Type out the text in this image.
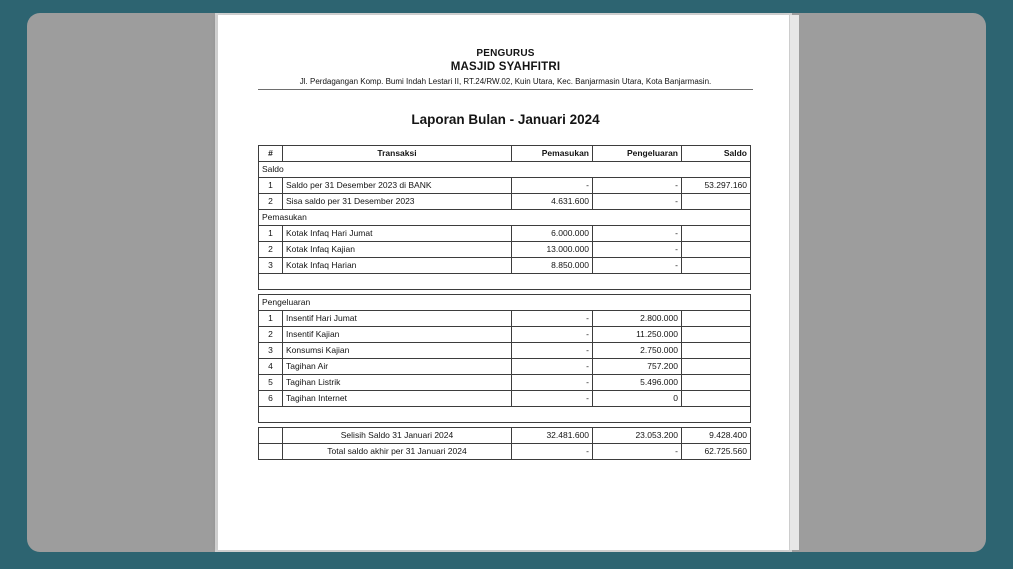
PENGURUS
MASJID SYAHFITRI
Jl. Perdagangan Komp. Bumi Indah Lestari II, RT.24/RW.02, Kuin Utara, Kec. Banjarmasin Utara, Kota Banjarmasin.
Laporan Bulan - Januari 2024
#	Transaksi	Pemasukan	Pengeluaran	Saldo
Saldo				
1	Saldo per 31 Desember 2023 di BANK	-	-	53.297.160
2	Sisa saldo per 31 Desember 2023	4.631.600	-	
Pemasukan				
1	Kotak Infaq Hari Jumat	6.000.000	-	
2	Kotak Infaq Kajian	13.000.000	-	
3	Kotak Infaq Harian	8.850.000	-	

Pengeluaran				
1	Insentif Hari Jumat	-	2.800.000	
2	Insentif Kajian	-	11.250.000	
3	Konsumsi Kajian	-	2.750.000	
4	Tagihan Air	-	757.200	
5	Tagihan Listrik	-	5.496.000	
6	Tagihan Internet	-	0	

	Selisih Saldo 31 Januari 2024	32.481.600	23.053.200	9.428.400
	Total saldo akhir per 31 Januari 2024	-	-	62.725.560
